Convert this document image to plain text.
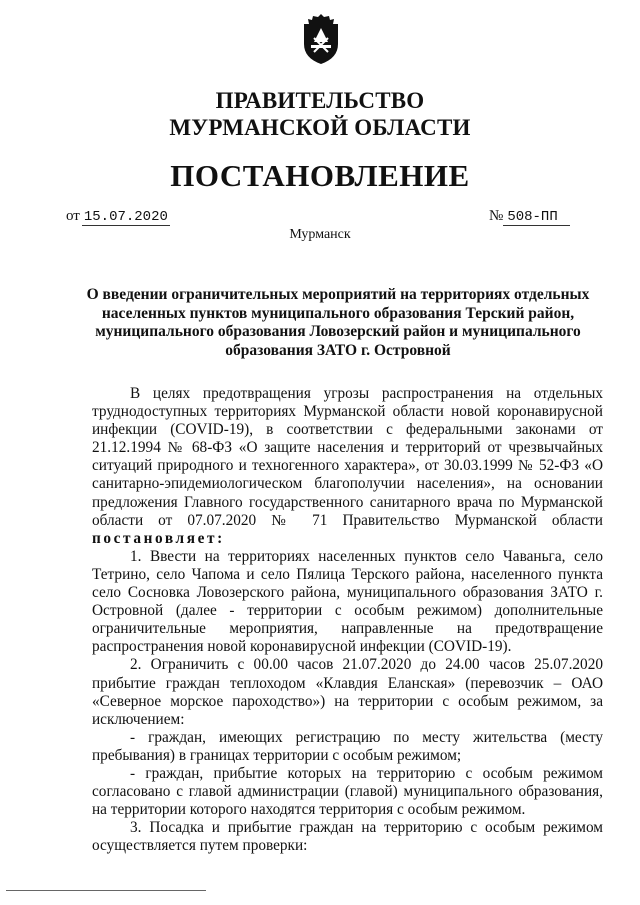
ПРАВИТЕЛЬСТВО
МУРМАНСКОЙ ОБЛАСТИ
ПОСТАНОВЛЕНИЕ
от 15.07.2020	№ 508-ПП
Мурманск
О введении ограничительных мероприятий на территориях отдельных населенных пунктов муниципального образования Терский район, муниципального образования Ловозерский район и муниципального образования ЗАТО г. Островной

В целях предотвращения угрозы распространения на отдельных труднодоступных территориях Мурманской области новой коронавирусной инфекции (COVID-19), в соответствии с федеральными законами от 21.12.1994 № 68-ФЗ «О защите населения и территорий от чрезвычайных ситуаций природного и техногенного характера», от 30.03.1999 № 52-ФЗ «О санитарно-эпидемиологическом благополучии населения», на основании предложения Главного государственного санитарного врача по Мурманской области от 07.07.2020 № 71 Правительство Мурманской области постановляет:

1. Ввести на территориях населенных пунктов село Чаваньга, село Тетрино, село Чапома и село Пялица Терского района, населенного пункта село Сосновка Ловозерского района, муниципального образования ЗАТО г. Островной (далее - территории с особым режимом) дополнительные ограничительные мероприятия, направленные на предотвращение распространения новой коронавирусной инфекции (COVID-19).

2. Ограничить с 00.00 часов 21.07.2020 до 24.00 часов 25.07.2020 прибытие граждан теплоходом «Клавдия Еланская» (перевозчик – ОАО «Северное морское пароходство») на территории с особым режимом, за исключением:

- граждан, имеющих регистрацию по месту жительства (месту пребывания) в границах территории с особым режимом;

- граждан, прибытие которых на территорию с особым режимом согласовано с главой администрации (главой) муниципального образования, на территории которого находятся территория с особым режимом.

3. Посадка и прибытие граждан на территорию с особым режимом осуществляется путем проверки:
